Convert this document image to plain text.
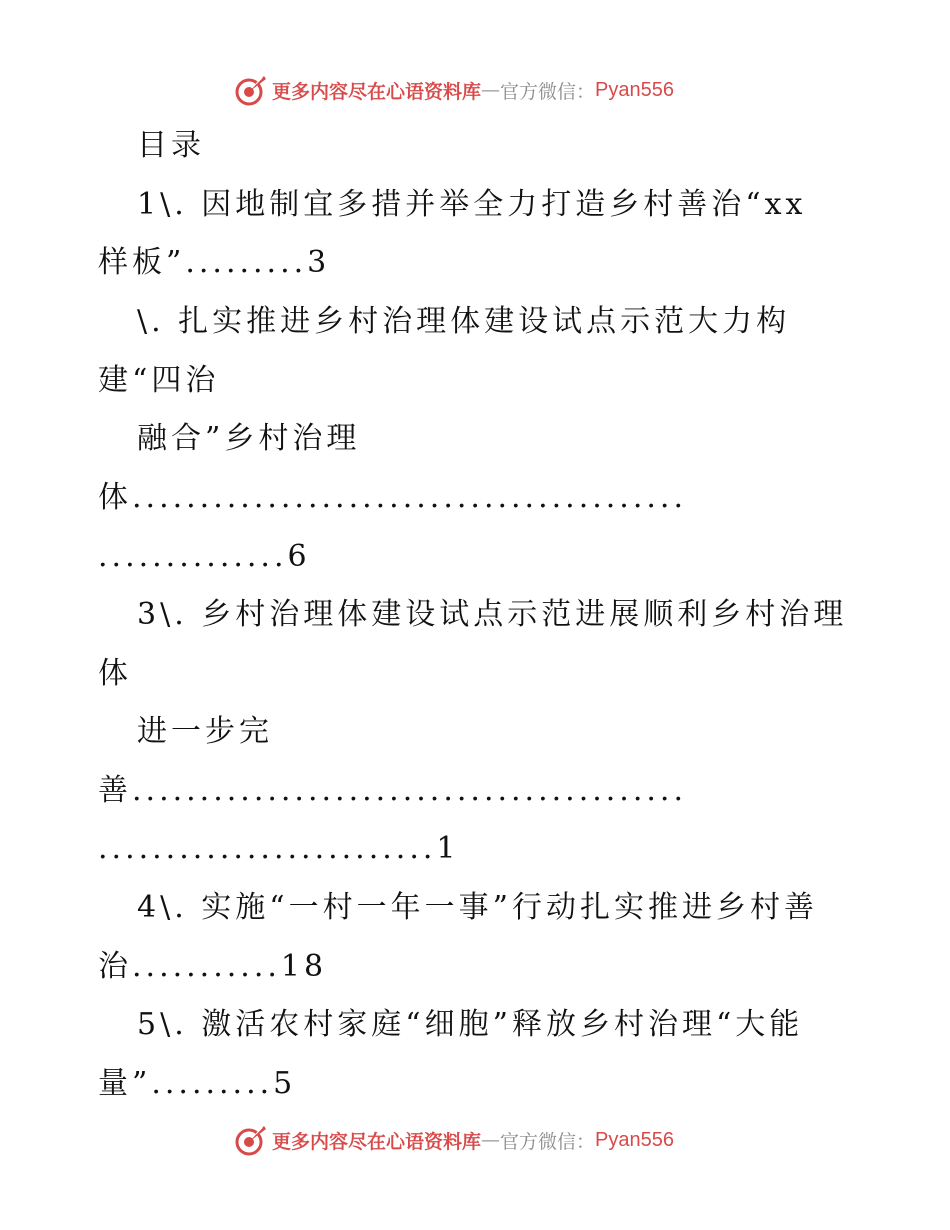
更多内容尽在心语资料库 — 官方微信： Pyan556
目录
1\. 因地制宜多措并举全力打造乡村善治“xx
样板”.........3
\. 扎实推进乡村治理体建设试点示范大力构
建“四治
融合”乡村治理
体.........................................
..............6
3\. 乡村治理体建设试点示范进展顺利乡村治理
体
进一步完
善.........................................
.........................1
4\. 实施“一村一年一事”行动扎实推进乡村善
治...........18
5\. 激活农村家庭“细胞”释放乡村治理“大能
量”.........5
更多内容尽在心语资料库 — 官方微信： Pyan556
